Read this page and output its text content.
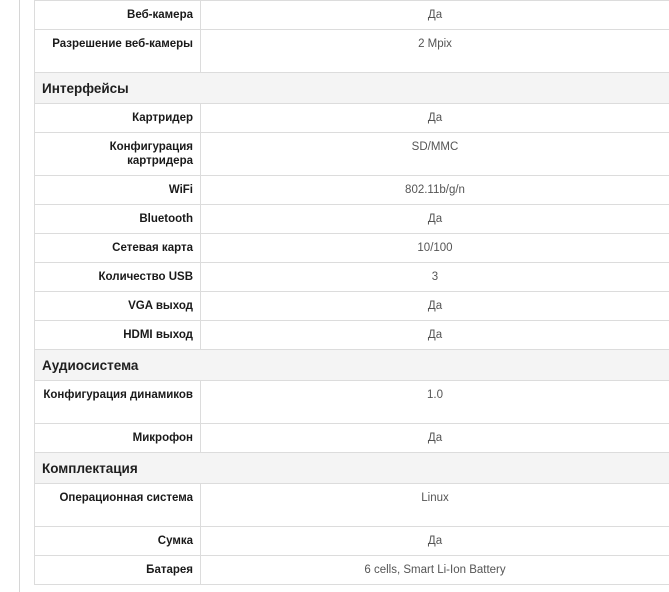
Веб-камера	Да
Разрешение веб-камеры	2 Mpix
Интерфейсы	
Картридер	Да
Конфигурация картридера	SD/MMC
WiFi	802.11b/g/n
Bluetooth	Да
Сетевая карта	10/100
Количество USB	3
VGA выход	Да
HDMI выход	Да
Аудиосистема	
Конфигурация динамиков	1.0
Микрофон	Да
Комплектация	
Операционная система	Linux
Сумка	Да
Батарея	6 cells, Smart Li-Ion Battery
